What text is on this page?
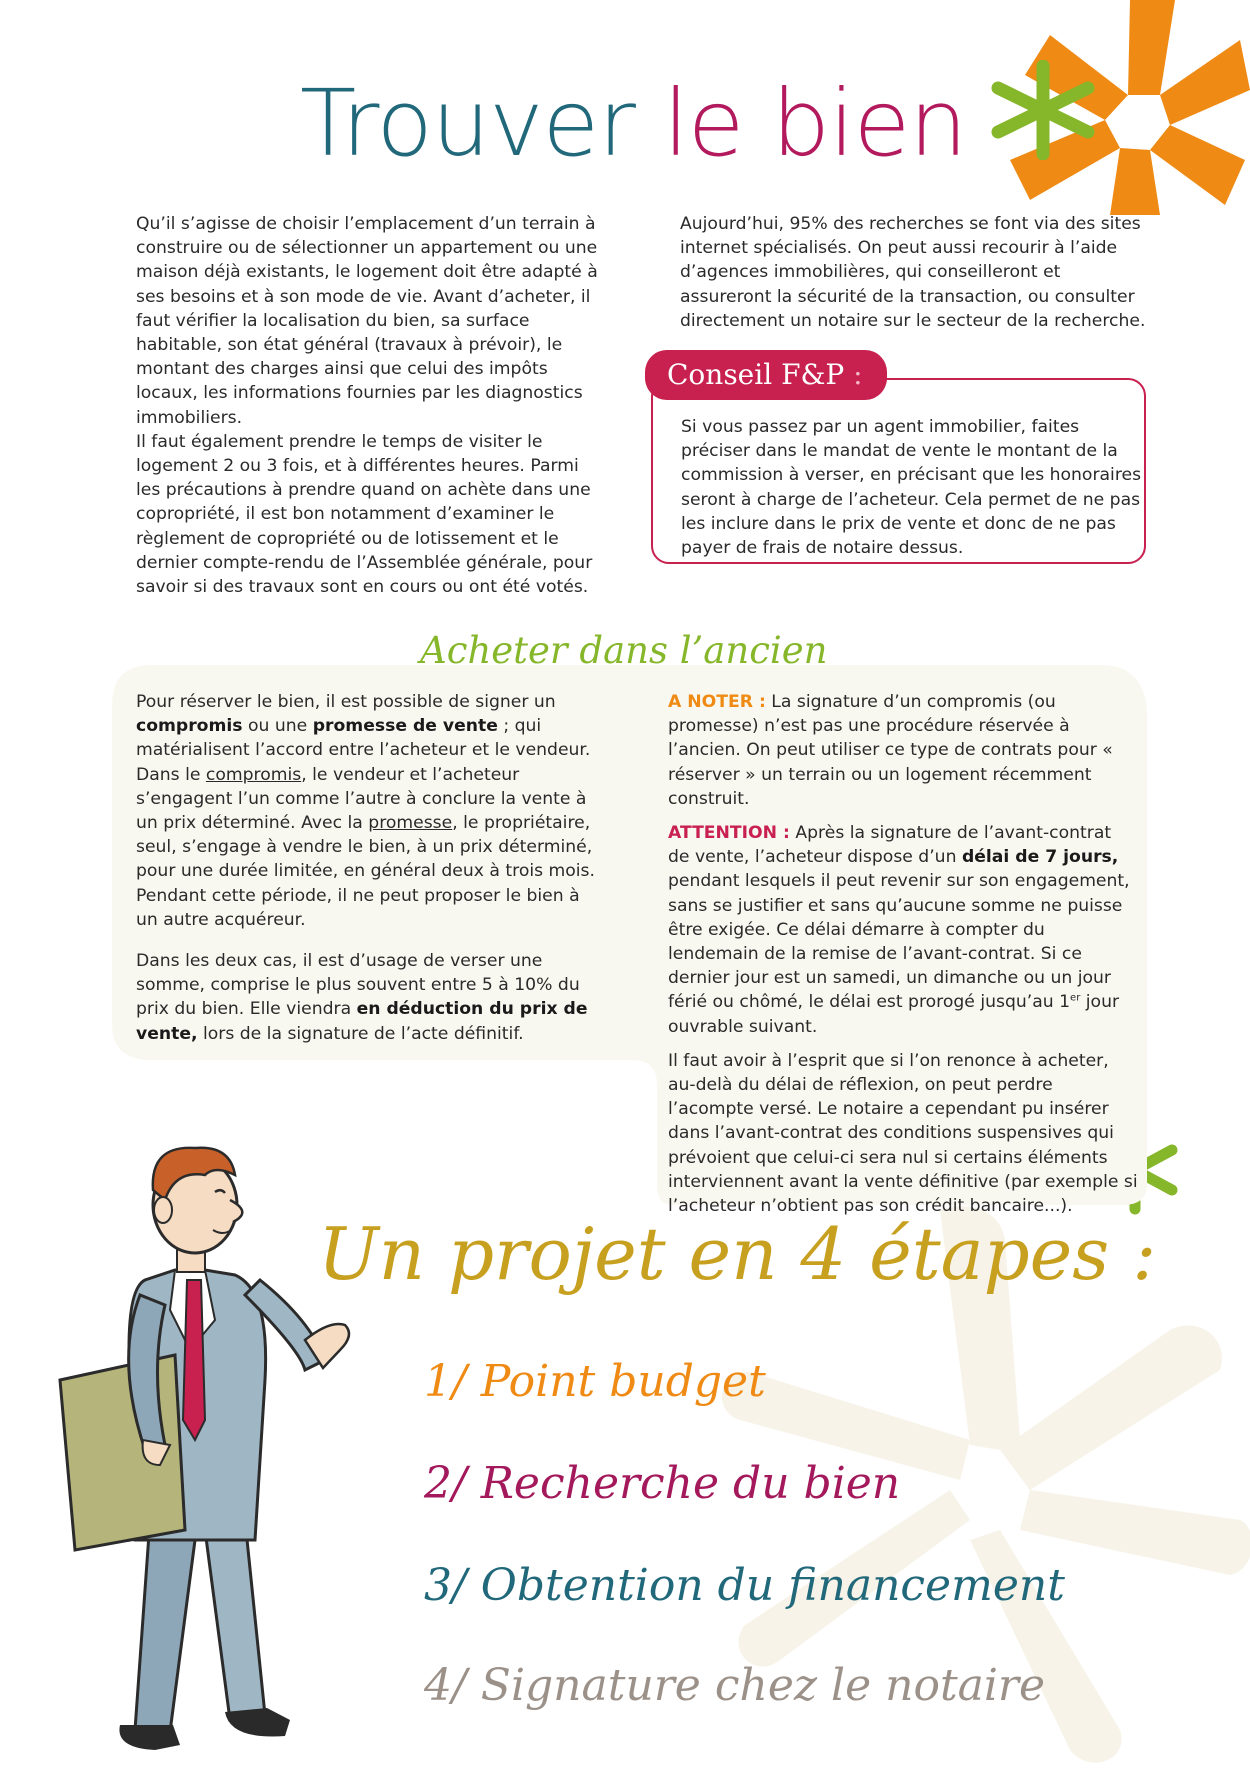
Trouver le bien

Qu’il s’agisse de choisir l’emplacement d’un terrain à construire ou de sélectionner un appartement ou une maison déjà existants, le logement doit être adapté à ses besoins et à son mode de vie. Avant d’acheter, il faut vérifier la localisation du bien, sa surface habitable, son état général (travaux à prévoir), le montant des charges ainsi que celui des impôts locaux, les informations fournies par les diagnostics immobiliers.

Il faut également prendre le temps de visiter le logement 2 ou 3 fois, et à différentes heures. Parmi les précautions à prendre quand on achète dans une copropriété, il est bon notamment d’examiner le règlement de copropriété ou de lotissement et le dernier compte-rendu de l’Assemblée générale, pour savoir si des travaux sont en cours ou ont été votés.

Aujourd’hui, 95% des recherches se font via des sites internet spécialisés. On peut aussi recourir à l’aide d’agences immobilières, qui conseilleront et assureront la sécurité de la transaction, ou consulter directement un notaire sur le secteur de la recherche.

Conseil F&P :
Si vous passez par un agent immobilier, faites préciser dans le mandat de vente le montant de la commission à verser, en précisant que les honoraires seront à charge de l’acheteur. Cela permet de ne pas les inclure dans le prix de vente et donc de ne pas payer de frais de notaire dessus.
Acheter dans l’ancien

Pour réserver le bien, il est possible de signer un compromis ou une promesse de vente ; qui matérialisent l’accord entre l’acheteur et le vendeur. Dans le compromis, le vendeur et l’acheteur s’engagent l’un comme l’autre à conclure la vente à un prix déterminé. Avec la promesse, le propriétaire, seul, s’engage à vendre le bien, à un prix déterminé, pour une durée limitée, en général deux à trois mois. Pendant cette période, il ne peut proposer le bien à un autre acquéreur.

Dans les deux cas, il est d’usage de verser une somme, comprise le plus souvent entre 5 à 10% du prix du bien. Elle viendra en déduction du prix de vente, lors de la signature de l’acte définitif.

A NOTER : La signature d’un compromis (ou promesse) n’est pas une procédure réservée à l’ancien. On peut utiliser ce type de contrats pour « réserver » un terrain ou un logement récemment construit.

ATTENTION : Après la signature de l’avant-contrat de vente, l’acheteur dispose d’un délai de 7 jours, pendant lesquels il peut revenir sur son engagement, sans se justifier et sans qu’aucune somme ne puisse être exigée. Ce délai démarre à compter du lendemain de la remise de l’avant-contrat. Si ce dernier jour est un samedi, un dimanche ou un jour férié ou chômé, le délai est prorogé jusqu’au 1er jour ouvrable suivant.

Il faut avoir à l’esprit que si l’on renonce à acheter, au-delà du délai de réflexion, on peut perdre l’acompte versé. Le notaire a cependant pu insérer dans l’avant-contrat des conditions suspensives qui prévoient que celui-ci sera nul si certains éléments interviennent avant la vente définitive (par exemple si l’acheteur n’obtient pas son crédit bancaire...).

Un projet en 4 étapes :
1/ Point budget
2/ Recherche du bien
3/ Obtention du financement
4/ Signature chez le notaire
